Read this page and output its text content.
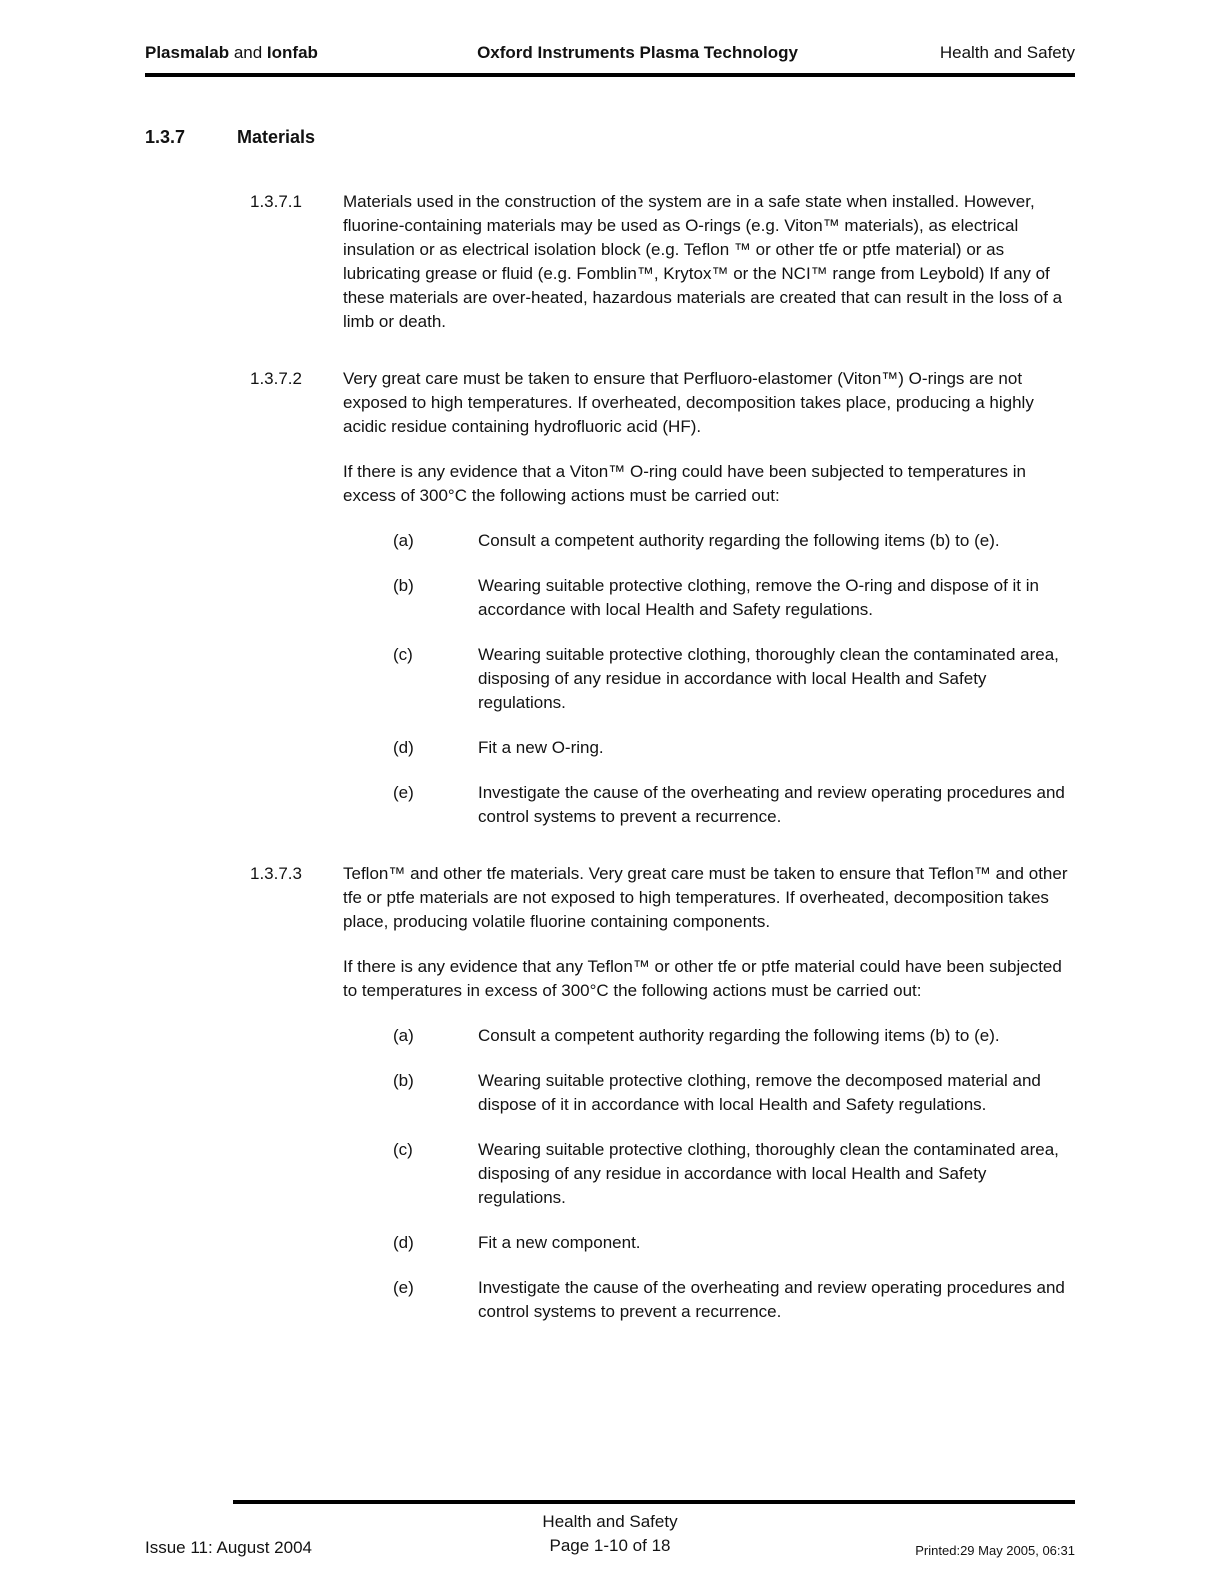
Plasmalab and Ionfab	Oxford Instruments Plasma Technology	Health and Safety
1.3.7	Materials
1.3.7.1	Materials used in the construction of the system are in a safe state when installed. However, fluorine-containing materials may be used as O-rings (e.g. Viton™ materials), as electrical insulation or as electrical isolation block (e.g. Teflon ™ or other tfe or ptfe material) or as lubricating grease or fluid (e.g. Fomblin™, Krytox™ or the NCI™ range from Leybold) If any of these materials are over-heated, hazardous materials are created that can result in the loss of a limb or death.

1.3.7.2	Very great care must be taken to ensure that Perfluoro-elastomer (Viton™) O-rings are not exposed to high temperatures. If overheated, decomposition takes place, producing a highly acidic residue containing hydrofluoric acid (HF).

If there is any evidence that a Viton™ O-ring could have been subjected to temperatures in excess of 300°C the following actions must be carried out:

(a)	Consult a competent authority regarding the following items (b) to (e).
(b)	Wearing suitable protective clothing, remove the O-ring and dispose of it in accordance with local Health and Safety regulations.
(c)	Wearing suitable protective clothing, thoroughly clean the contaminated area, disposing of any residue in accordance with local Health and Safety regulations.
(d)	Fit a new O-ring.
(e)	Investigate the cause of the overheating and review operating procedures and control systems to prevent a recurrence.
1.3.7.3	Teflon™ and other tfe materials. Very great care must be taken to ensure that Teflon™ and other tfe or ptfe materials are not exposed to high temperatures. If overheated, decomposition takes place, producing volatile fluorine containing components.

If there is any evidence that any Teflon™ or other tfe or ptfe material could have been subjected to temperatures in excess of 300°C the following actions must be carried out:

(a)	Consult a competent authority regarding the following items (b) to (e).
(b)	Wearing suitable protective clothing, remove the decomposed material and dispose of it in accordance with local Health and Safety regulations.
(c)	Wearing suitable protective clothing, thoroughly clean the contaminated area, disposing of any residue in accordance with local Health and Safety regulations.
(d)	Fit a new component.
(e)	Investigate the cause of the overheating and review operating procedures and control systems to prevent a recurrence.
Issue 11: August 2004
Health and Safety
Page 1-10 of 18	Printed:29 May 2005, 06:31
